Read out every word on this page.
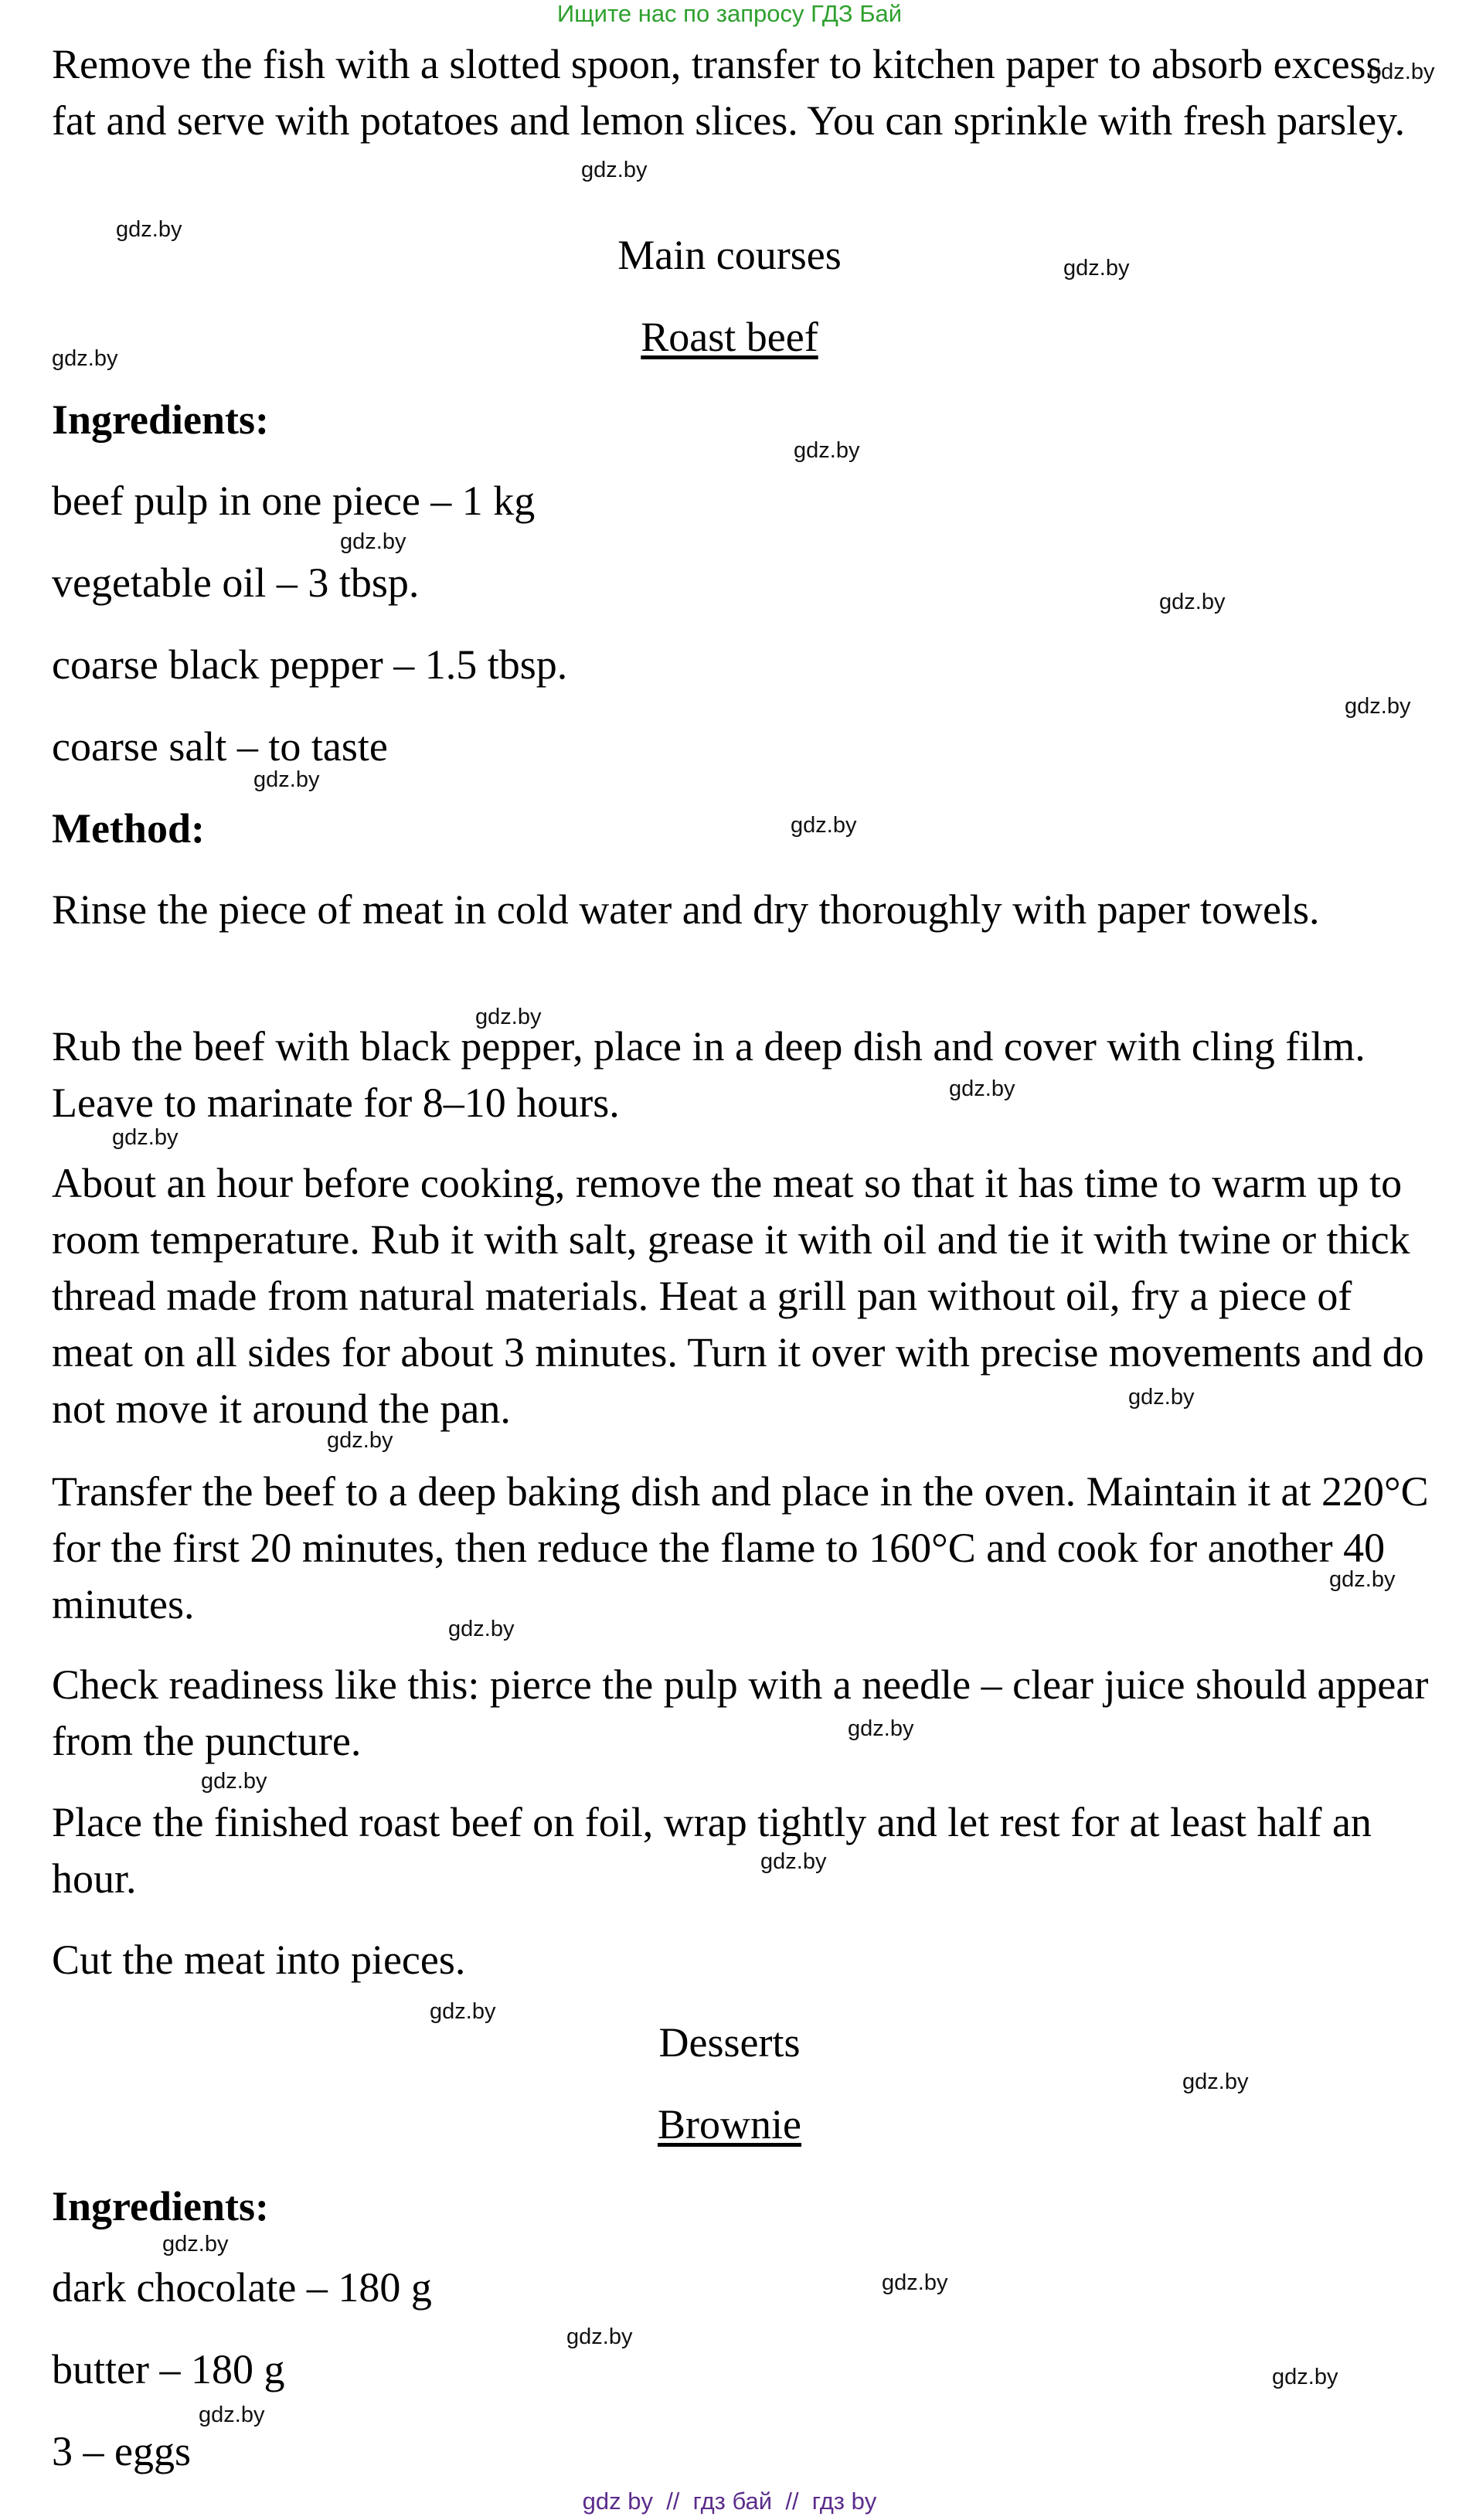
Ищите нас по запросу ГДЗ Бай
Remove the fish with a slotted spoon, transfer to kitchen paper to absorb excess fat and serve with potatoes and lemon slices. You can sprinkle with fresh parsley.
Main courses
Roast beef
Ingredients:
beef pulp in one piece – 1 kg
vegetable oil – 3 tbsp.
coarse black pepper – 1.5 tbsp.
coarse salt – to taste
Method:
Rinse the piece of meat in cold water and dry thoroughly with paper towels.
Rub the beef with black pepper, place in a deep dish and cover with cling film. Leave to marinate for 8–10 hours.
About an hour before cooking, remove the meat so that it has time to warm up to room temperature. Rub it with salt, grease it with oil and tie it with twine or thick thread made from natural materials. Heat a grill pan without oil, fry a piece of meat on all sides for about 3 minutes. Turn it over with precise movements and do not move it around the pan.
Transfer the beef to a deep baking dish and place in the oven. Maintain it at 220°C for the first 20 minutes, then reduce the flame to 160°C and cook for another 40 minutes.
Check readiness like this: pierce the pulp with a needle – clear juice should appear from the puncture.
Place the finished roast beef on foil, wrap tightly and let rest for at least half an hour.
Cut the meat into pieces.
Desserts
Brownie
Ingredients:
dark chocolate – 180 g
butter – 180 g
3 – eggs
gdz.by
gdz.by
gdz.by
gdz.by
gdz.by
gdz.by
gdz.by
gdz.by
gdz.by
gdz.by
gdz.by
gdz.by
gdz.by
gdz.by
gdz.by
gdz.by
gdz.by
gdz.by
gdz.by
gdz.by
gdz.by
gdz.by
gdz.by
gdz.by
gdz.by
gdz.by
gdz.by
gdz.by
gdz by // гдз бай // гдз by
